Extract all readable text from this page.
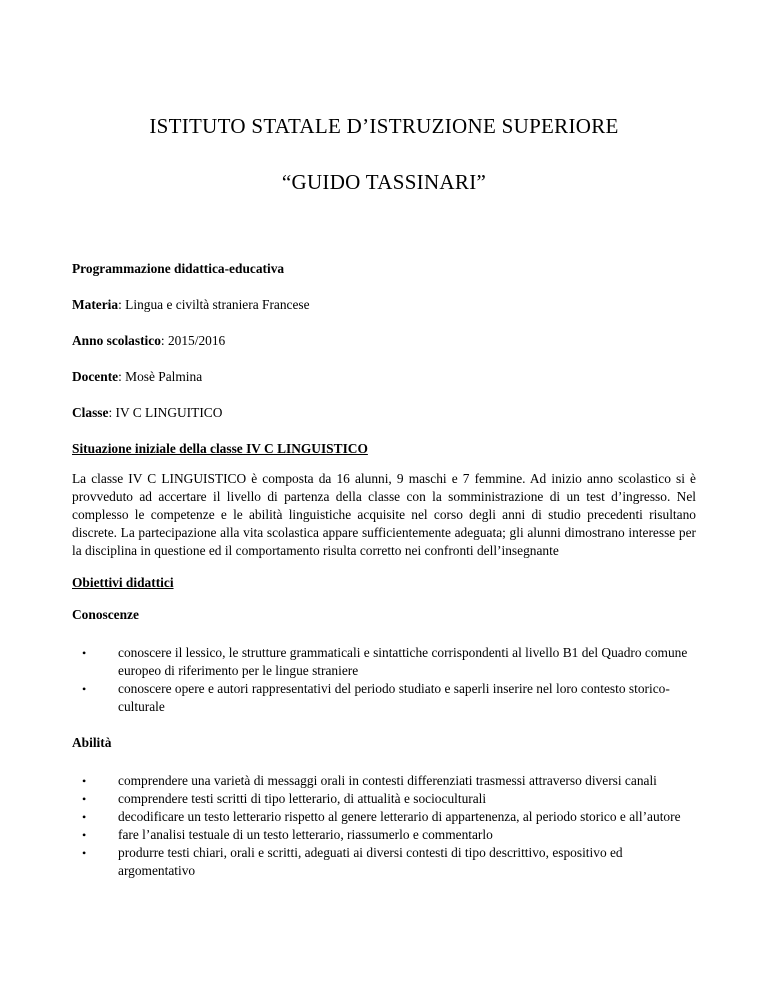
ISTITUTO STATALE D’ISTRUZIONE SUPERIORE
“GUIDO TASSINARI”
Programmazione didattica-educativa
Materia: Lingua e civiltà straniera Francese
Anno scolastico: 2015/2016
Docente: Mosè Palmina
Classe: IV C LINGUITICO
Situazione iniziale della classe IV C LINGUISTICO
La classe IV C LINGUISTICO è composta da 16 alunni, 9 maschi e 7 femmine. Ad inizio anno scolastico si è provveduto ad accertare il livello di partenza della classe con la somministrazione di un test d’ingresso. Nel complesso le competenze e le abilità linguistiche acquisite nel corso degli anni di studio precedenti risultano discrete. La partecipazione alla vita scolastica appare sufficientemente adeguata; gli alunni dimostrano interesse per la disciplina in questione ed il comportamento risulta corretto nei confronti dell’insegnante
Obiettivi didattici
Conoscenze
• conoscere il lessico, le strutture grammaticali e sintattiche corrispondenti al livello B1 del Quadro comune europeo di riferimento per le lingue straniere
• conoscere opere e autori rappresentativi del periodo studiato e saperli inserire nel loro contesto storico-culturale
Abilità
• comprendere una varietà di messaggi orali in contesti differenziati trasmessi attraverso diversi canali
• comprendere testi scritti di tipo letterario, di attualità e socioculturali
• decodificare un testo letterario rispetto al genere letterario di appartenenza, al periodo storico e all’autore
• fare l’analisi testuale di un testo letterario, riassumerlo e commentarlo
• produrre testi chiari, orali e scritti, adeguati ai diversi contesti di tipo descrittivo, espositivo ed argomentativo
